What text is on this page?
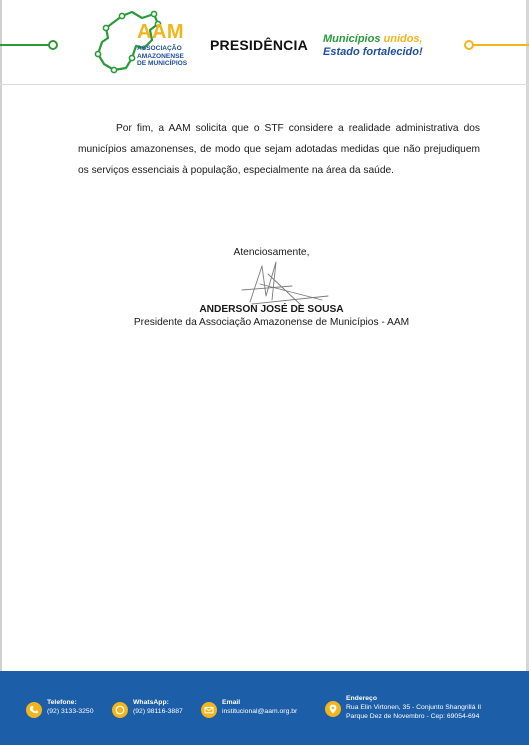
AAM
ASSOCIAÇÃO
AMAZONENSE
DE MUNICÍPIOS
PRESIDÊNCIA Municípios unidos,
Estado fortalecido!

Por fim, a AAM solicita que o STF considere a realidade administrativa dos municípios amazonenses, de modo que sejam adotadas medidas que não prejudiquem os serviços essenciais à população, especialmente na área da saúde.

Atenciosamente,
ANDERSON JOSÉ DE SOUSA
Presidente da Associação Amazonense de Municípios - AAM
Telefone:
(92) 3133-3250
WhatsApp:
(92) 98116-3887
Email
institucional@aam.org.br
Endereço
Rua Elin Virtonen, 35 - Conjunto Shangrillá II
Parque Dez de Novembro - Cep: 69054-694
